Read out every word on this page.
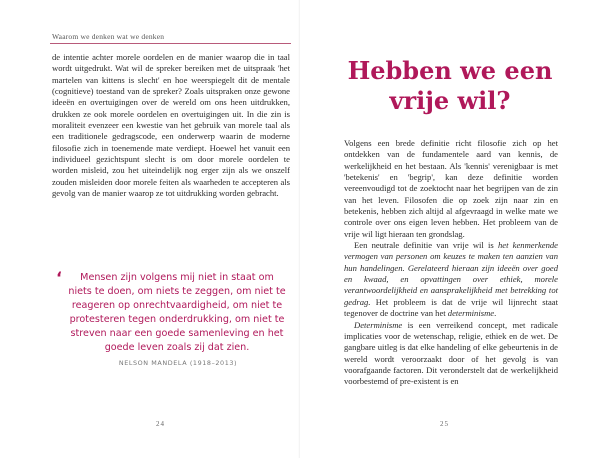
Waarom we denken wat we denken

de intentie achter morele oordelen en de manier waarop die in taal wordt uitgedrukt. Wat wil de spreker bereiken met de uitspraak 'het martelen van kittens is slecht' en hoe weerspiegelt dit de mentale (cognitieve) toestand van de spreker? Zoals uitspraken onze gewone ideeën en overtuigingen over de wereld om ons heen uitdrukken, drukken ze ook morele oordelen en overtuigingen uit. In die zin is moraliteit evenzeer een kwestie van het gebruik van morele taal als een traditionele gedragscode, een onderwerp waarin de moderne filosofie zich in toenemende mate verdiept. Hoewel het vanuit een individueel gezichtspunt slecht is om door morele oordelen te worden misleid, zou het uiteindelijk nog erger zijn als we onszelf zouden misleiden door morele feiten als waarheden te accepteren als gevolg van de manier waarop ze tot uitdrukking worden gebracht.

‘	Mensen zijn volgens mij niet in staat om niets te doen, om niets te zeggen, om niet te reageren op onrechtvaardigheid, om niet te protesteren tegen onderdrukking, om niet te streven naar een goede samenleving en het goede leven zoals zij dat zien.

NELSON MANDELA (1918–2013)
24	25
Hebben we een vrije wil?

Volgens een brede definitie richt filosofie zich op het ontdekken van de fundamentele aard van kennis, de werkelijkheid en het bestaan. Als 'kennis' verenigbaar is met 'betekenis' en 'begrip', kan deze definitie worden vereenvoudigd tot de zoektocht naar het begrijpen van de zin van het leven. Filosofen die op zoek zijn naar zin en betekenis, hebben zich altijd al afgevraagd in welke mate we controle over ons eigen leven hebben. Het probleem van de vrije wil ligt hieraan ten grondslag.

Een neutrale definitie van vrije wil is het kenmerkende vermogen van personen om keuzes te maken ten aanzien van hun handelingen. Gerelateerd hieraan zijn ideeën over goed en kwaad, en opvattingen over ethiek, morele verantwoordelijkheid en aansprakelijkheid met betrekking tot gedrag. Het probleem is dat de vrije wil lijnrecht staat tegenover de doctrine van het determinisme.

Determinisme is een verreikend concept, met radicale implicaties voor de wetenschap, religie, ethiek en de wet. De gangbare uitleg is dat elke handeling of elke gebeurtenis in de wereld wordt veroorzaakt door of het gevolg is van voorafgaande factoren. Dit veronderstelt dat de werkelijkheid voorbestemd of pre-existent is en
